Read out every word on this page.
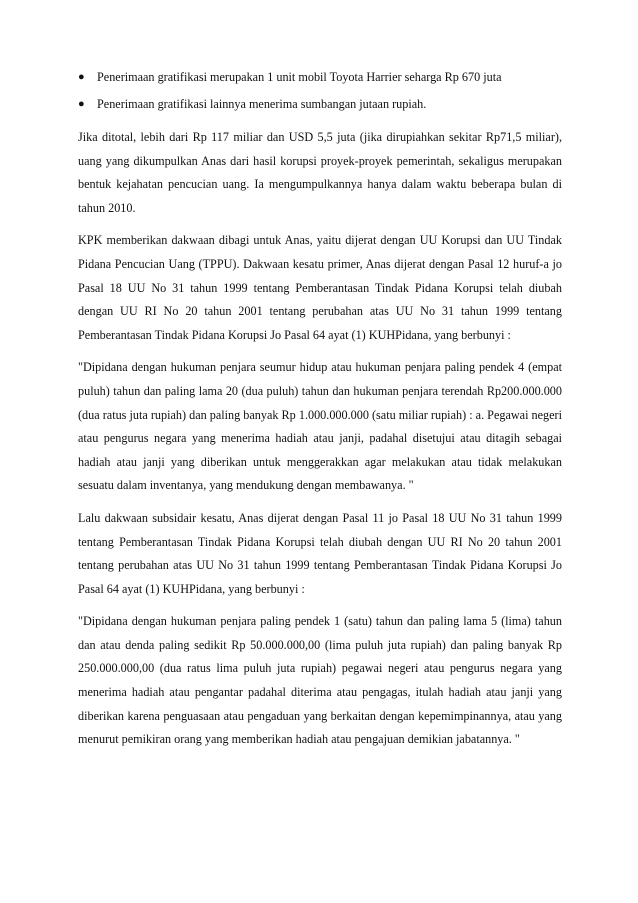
● Penerimaan gratifikasi merupakan 1 unit mobil Toyota Harrier seharga Rp 670 juta
● Penerimaan gratifikasi lainnya menerima sumbangan jutaan rupiah.

Jika ditotal, lebih dari Rp 117 miliar dan USD 5,5 juta (jika dirupiahkan sekitar Rp71,5 miliar), uang yang dikumpulkan Anas dari hasil korupsi proyek-proyek pemerintah, sekaligus merupakan bentuk kejahatan pencucian uang. Ia mengumpulkannya hanya dalam waktu beberapa bulan di tahun 2010.

KPK memberikan dakwaan dibagi untuk Anas, yaitu dijerat dengan UU Korupsi dan UU Tindak Pidana Pencucian Uang (TPPU). Dakwaan kesatu primer, Anas dijerat dengan Pasal 12 huruf-a jo Pasal 18 UU No 31 tahun 1999 tentang Pemberantasan Tindak Pidana Korupsi telah diubah dengan UU RI No 20 tahun 2001 tentang perubahan atas UU No 31 tahun 1999 tentang Pemberantasan Tindak Pidana Korupsi Jo Pasal 64 ayat (1) KUHPidana, yang berbunyi :

"Dipidana dengan hukuman penjara seumur hidup atau hukuman penjara paling pendek 4 (empat puluh) tahun dan paling lama 20 (dua puluh) tahun dan hukuman penjara terendah Rp200.000.000 (dua ratus juta rupiah) dan paling banyak Rp 1.000.000.000 (satu miliar rupiah) : a. Pegawai negeri atau pengurus negara yang menerima hadiah atau janji, padahal disetujui atau ditagih sebagai hadiah atau janji yang diberikan untuk menggerakkan agar melakukan atau tidak melakukan sesuatu dalam inventanya, yang mendukung dengan membawanya. "

Lalu dakwaan subsidair kesatu, Anas dijerat dengan Pasal 11 jo Pasal 18 UU No 31 tahun 1999 tentang Pemberantasan Tindak Pidana Korupsi telah diubah dengan UU RI No 20 tahun 2001 tentang perubahan atas UU No 31 tahun 1999 tentang Pemberantasan Tindak Pidana Korupsi Jo Pasal 64 ayat (1) KUHPidana, yang berbunyi :

"Dipidana dengan hukuman penjara paling pendek 1 (satu) tahun dan paling lama 5 (lima) tahun dan atau denda paling sedikit Rp 50.000.000,00 (lima puluh juta rupiah) dan paling banyak Rp 250.000.000,00 (dua ratus lima puluh juta rupiah) pegawai negeri atau pengurus negara yang menerima hadiah atau pengantar padahal diterima atau pengagas, itulah hadiah atau janji yang diberikan karena penguasaan atau pengaduan yang berkaitan dengan kepemimpinannya, atau yang menurut pemikiran orang yang memberikan hadiah atau pengajuan demikian jabatannya. "
